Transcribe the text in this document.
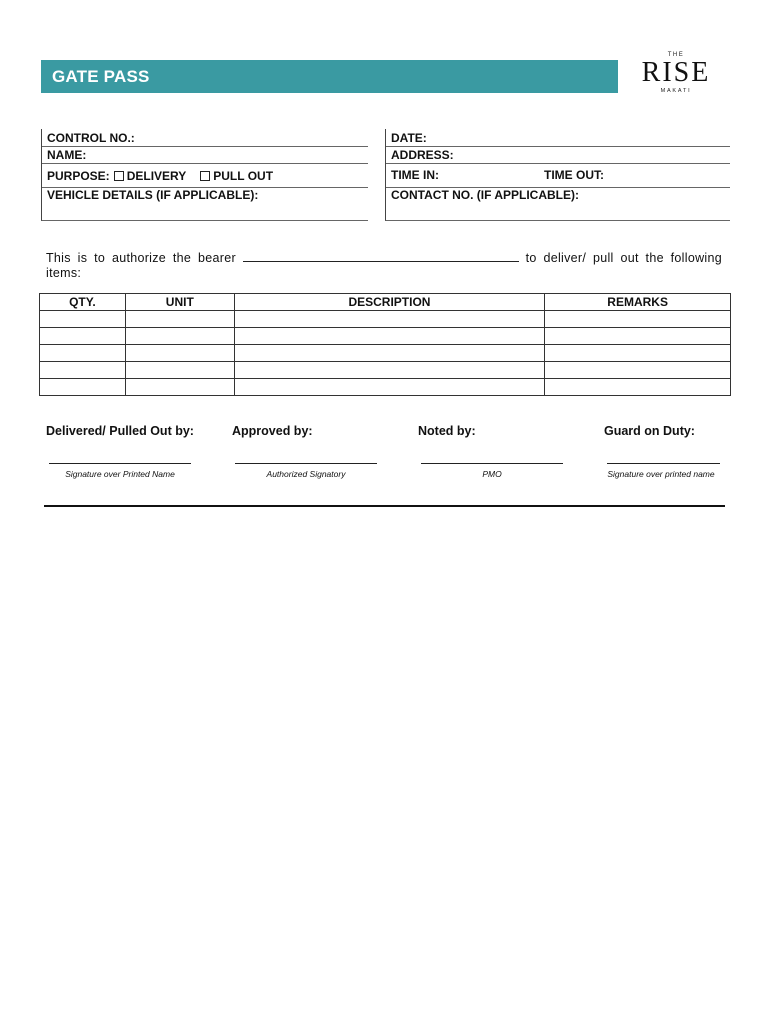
GATE PASS
THE
RISE
MAKATI
CONTROL NO.:
NAME:
PURPOSE: DELIVERY PULL OUT
VEHICLE DETAILS (IF APPLICABLE):
DATE:
ADDRESS:
TIME IN:	TIME OUT:
CONTACT NO. (IF APPLICABLE):
This is to authorize the bearer	to deliver/ pull out the following
items:
QTY.	UNIT	DESCRIPTION	REMARKS

Delivered/ Pulled Out by:
Signature over Printed Name
Approved by:
Authorized Signatory
Noted by:
PMO
Guard on Duty:
Signature over printed name
